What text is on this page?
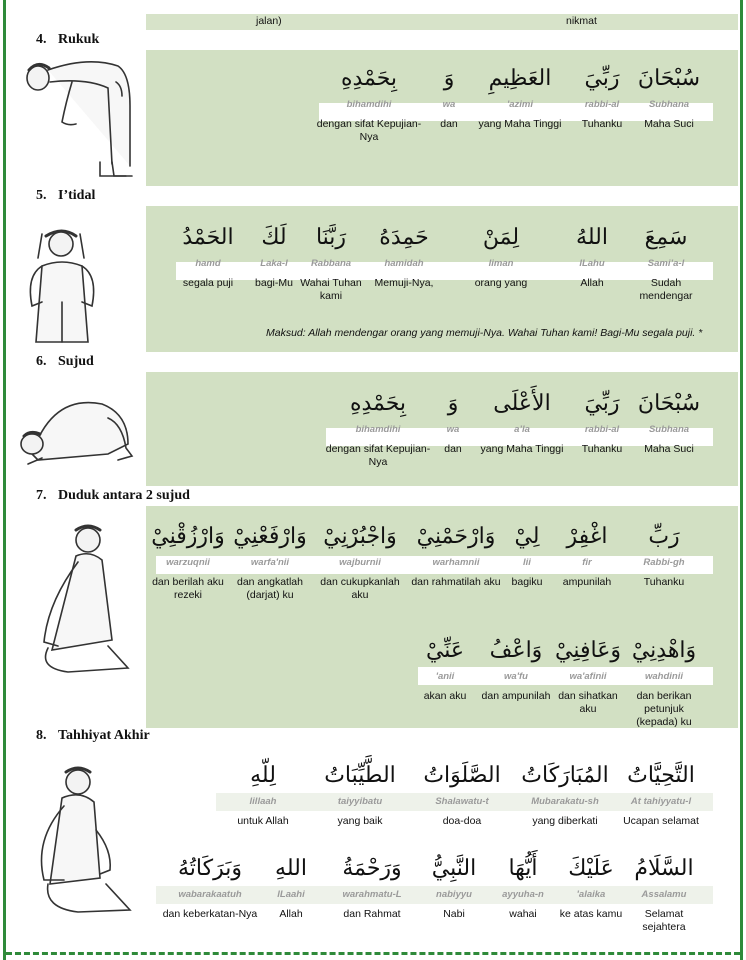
jalan)	nikmat
4. Rukuk
سُبْحَانَ
Subhana
Maha Suci
رَبِّيَ
rabbi-al
Tuhanku
العَظِيمِ
'azimi
yang Maha Tinggi
وَ
wa
dan
بِحَمْدِهِ
bihamdihi
dengan sifat Kepujian-Nya
5. I’tidal
سَمِعَ
Sami’a-l
Sudah mendengar
اللهُ
lLahu
Allah
لِمَنْ
liman
orang yang
حَمِدَهُ
hamidah
Memuji-Nya,
رَبَّنَا
Rabbana
Wahai Tuhan kami
لَكَ
Laka-l
bagi-Mu
الحَمْدُ
hamd
segala puji
Maksud: Allah mendengar orang yang memuji-Nya. Wahai Tuhan kami! Bagi-Mu segala puji. *
6. Sujud
سُبْحَانَ
Subhana
Maha Suci
رَبِّيَ
rabbi-al
Tuhanku
الأَعْلَى
a’la
yang Maha Tinggi
وَ
wa
dan
بِحَمْدِهِ
bihamdihi
dengan sifat Kepujian-Nya
7. Duduk antara 2 sujud
رَبِّ
Rabbi-gh
Tuhanku
اغْفِرْ
fir
ampunilah
لِيْ
lii
bagiku
وَارْحَمْنِيْ
warhamnii
dan rahmatilah aku
وَاجْبُرْنِيْ
wajburnii
dan cukupkanlah aku
وَارْفَعْنِيْ
warfa'nii
dan angkatlah (darjat) ku
وَارْزُقْنِيْ
warzuqnii
dan berilah aku rezeki
وَاهْدِنِيْ
wahdinii
dan berikan petunjuk (kepada) ku
وَعَافِنِيْ
wa'afinii
dan sihatkan aku
وَاعْفُ
wa'fu
dan ampunilah
عَنِّيْ
'anii
akan aku
8. Tahhiyat Akhir
التَّحِيَّاتُ
At tahiyyatu-l
Ucapan selamat
المُبَارَكَاتُ
Mubarakatu-sh
yang diberkati
الصَّلَوَاتُ
Shalawatu-t
doa-doa
الطَّيِّبَاتُ
taiyyibatu
yang baik
لِلّهِ
lillaah
untuk Allah
السَّلَامُ
Assalamu
Selamat sejahtera
عَلَيْكَ
'alaika
ke atas kamu
أَيُّهَا
ayyuha-n
wahai
النَّبِيُّ
nabiyyu
Nabi
وَرَحْمَةُ
warahmatu-L
dan Rahmat
اللهِ
lLaahi
Allah
وَبَرَكَاتُهُ
wabarakaatuh
dan keberkatan-Nya
